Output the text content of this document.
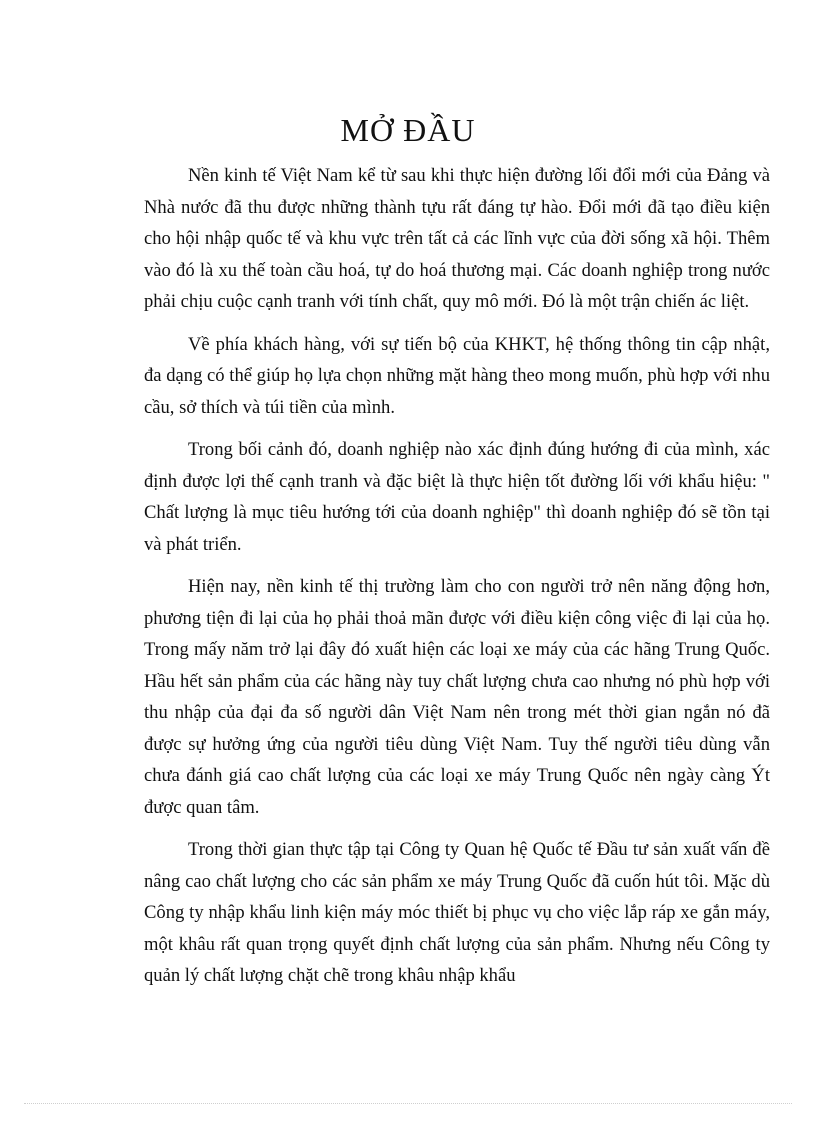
MỞ ĐẦU

Nền kinh tế Việt Nam kể từ sau khi thực hiện đường lối đổi mới của Đảng và Nhà nước đã thu được những thành tựu rất đáng tự hào. Đổi mới đã tạo điều kiện cho hội nhập quốc tế và khu vực trên tất cả các lĩnh vực của đời sống xã hội. Thêm vào đó là xu thế toàn cầu hoá, tự do hoá thương mại. Các doanh nghiệp trong nước phải chịu cuộc cạnh tranh với tính chất, quy mô mới. Đó là một trận chiến ác liệt.

Về phía khách hàng, với sự tiến bộ của KHKT, hệ thống thông tin cập nhật, đa dạng có thể giúp họ lựa chọn những mặt hàng theo mong muốn, phù hợp với nhu cầu, sở thích và túi tiền của mình.

Trong bối cảnh đó, doanh nghiệp nào xác định đúng hướng đi của mình, xác định được lợi thế cạnh tranh và đặc biệt là thực hiện tốt đường lối với khẩu hiệu: " Chất lượng là mục tiêu hướng tới của doanh nghiệp" thì doanh nghiệp đó sẽ tồn tại và phát triển.

Hiện nay, nền kinh tế thị trường làm cho con người trở nên năng động hơn, phương tiện đi lại của họ phải thoả mãn được với điều kiện công việc đi lại của họ. Trong mấy năm trở lại đây đó xuất hiện các loại xe máy của các hãng Trung Quốc. Hầu hết sản phẩm của các hãng này tuy chất lượng chưa cao nhưng nó phù hợp với thu nhập của đại đa số người dân Việt Nam nên trong mét thời gian ngắn nó đã được sự hưởng ứng của người tiêu dùng Việt Nam. Tuy thế người tiêu dùng vẫn chưa đánh giá cao chất lượng của các loại xe máy Trung Quốc nên ngày càng Ýt được quan tâm.

Trong thời gian thực tập tại Công ty Quan hệ Quốc tế Đầu tư sản xuất vấn đề nâng cao chất lượng cho các sản phẩm xe máy Trung Quốc đã cuốn hút tôi. Mặc dù Công ty nhập khẩu linh kiện máy móc thiết bị phục vụ cho việc lắp ráp xe gắn máy, một khâu rất quan trọng quyết định chất lượng của sản phẩm. Nhưng nếu Công ty quản lý chất lượng chặt chẽ trong khâu nhập khẩu
